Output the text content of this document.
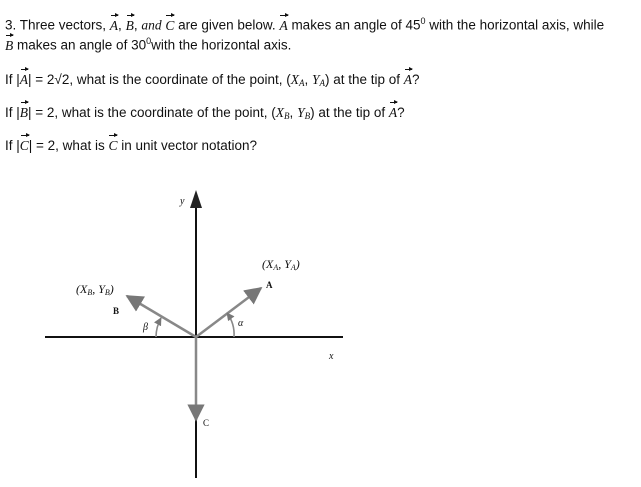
3. Three vectors, A, B, and C are given below. A makes an angle of $45^0$ with the horizontal axis, while
B makes an angle of $30^0with$ the horizontal axis.
If |A| = 2√2, what is the coordinate of the point, ($X_A$, $Y_A$) at the tip of A?
If |B| = 2, what is the coordinate of the point, ($X_B$, $Y_B$) at the tip of A?
If |C| = 2, what is C in unit vector notation?
y
x
(XA, YA)
A
(XB, YB)
B
C
α
β
